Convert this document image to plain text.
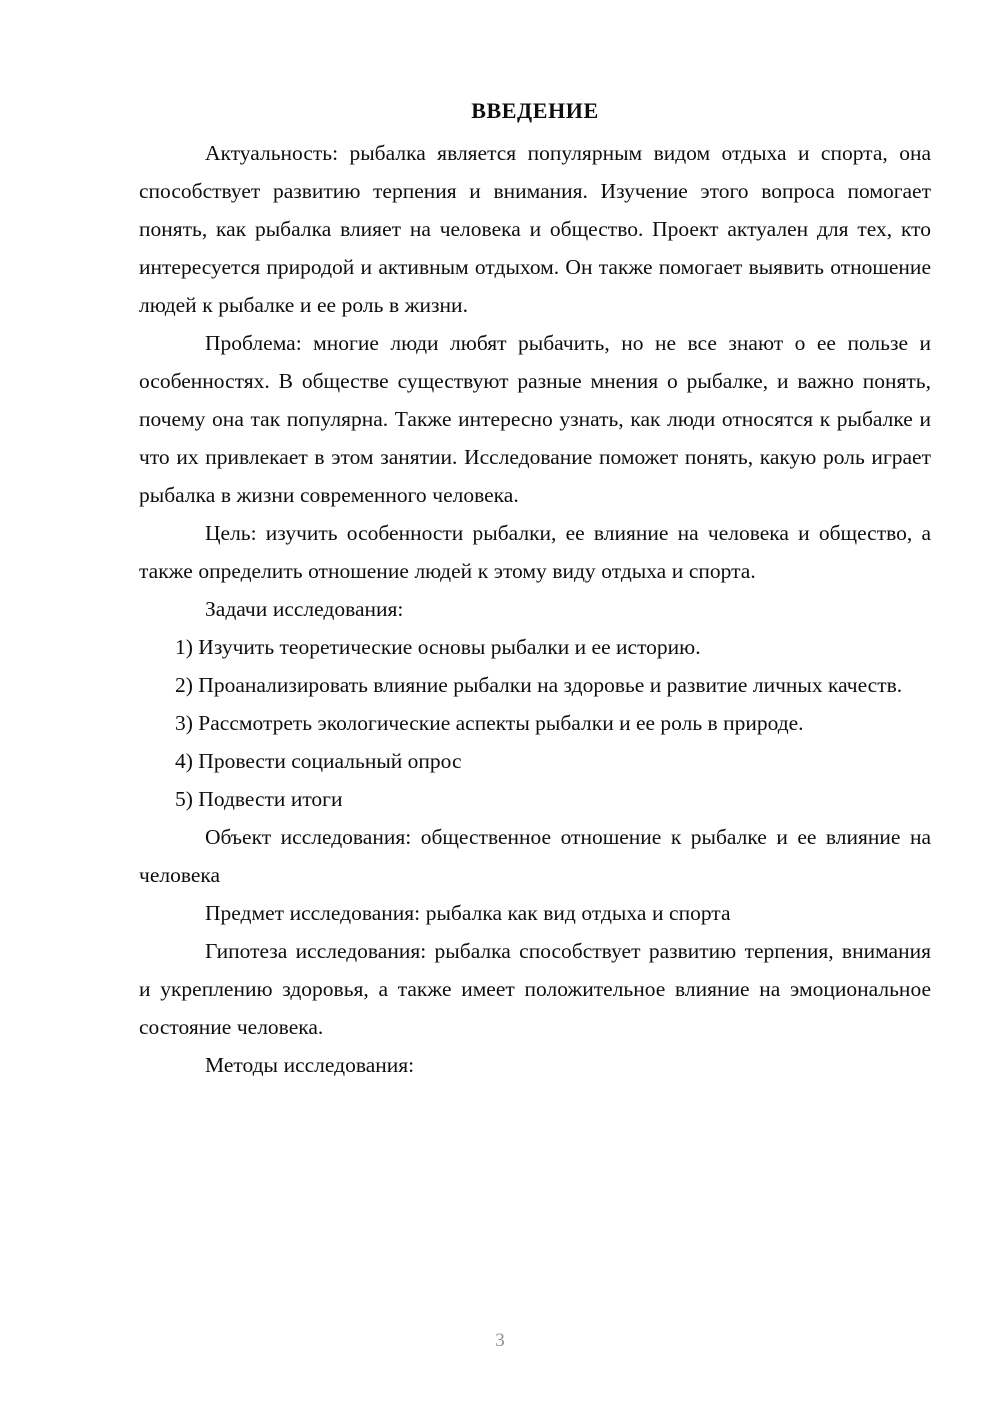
ВВЕДЕНИЕ

Актуальность: рыбалка является популярным видом отдыха и спорта, она способствует развитию терпения и внимания. Изучение этого вопроса помогает понять, как рыбалка влияет на человека и общество. Проект актуален для тех, кто интересуется природой и активным отдыхом. Он также помогает выявить отношение людей к рыбалке и ее роль в жизни.

Проблема: многие люди любят рыбачить, но не все знают о ее пользе и особенностях. В обществе существуют разные мнения о рыбалке, и важно понять, почему она так популярна. Также интересно узнать, как люди относятся к рыбалке и что их привлекает в этом занятии. Исследование поможет понять, какую роль играет рыбалка в жизни современного человека.

Цель: изучить особенности рыбалки, ее влияние на человека и общество, а также определить отношение людей к этому виду отдыха и спорта.

Задачи исследования:

1) Изучить теоретические основы рыбалки и ее историю.

2) Проанализировать влияние рыбалки на здоровье и развитие личных качеств.

3) Рассмотреть экологические аспекты рыбалки и ее роль в природе.

4) Провести социальный опрос

5) Подвести итоги

Объект исследования: общественное отношение к рыбалке и ее влияние на человека

Предмет исследования: рыбалка как вид отдыха и спорта

Гипотеза исследования: рыбалка способствует развитию терпения, внимания и укреплению здоровья, а также имеет положительное влияние на эмоциональное состояние человека.

Методы исследования:

3
